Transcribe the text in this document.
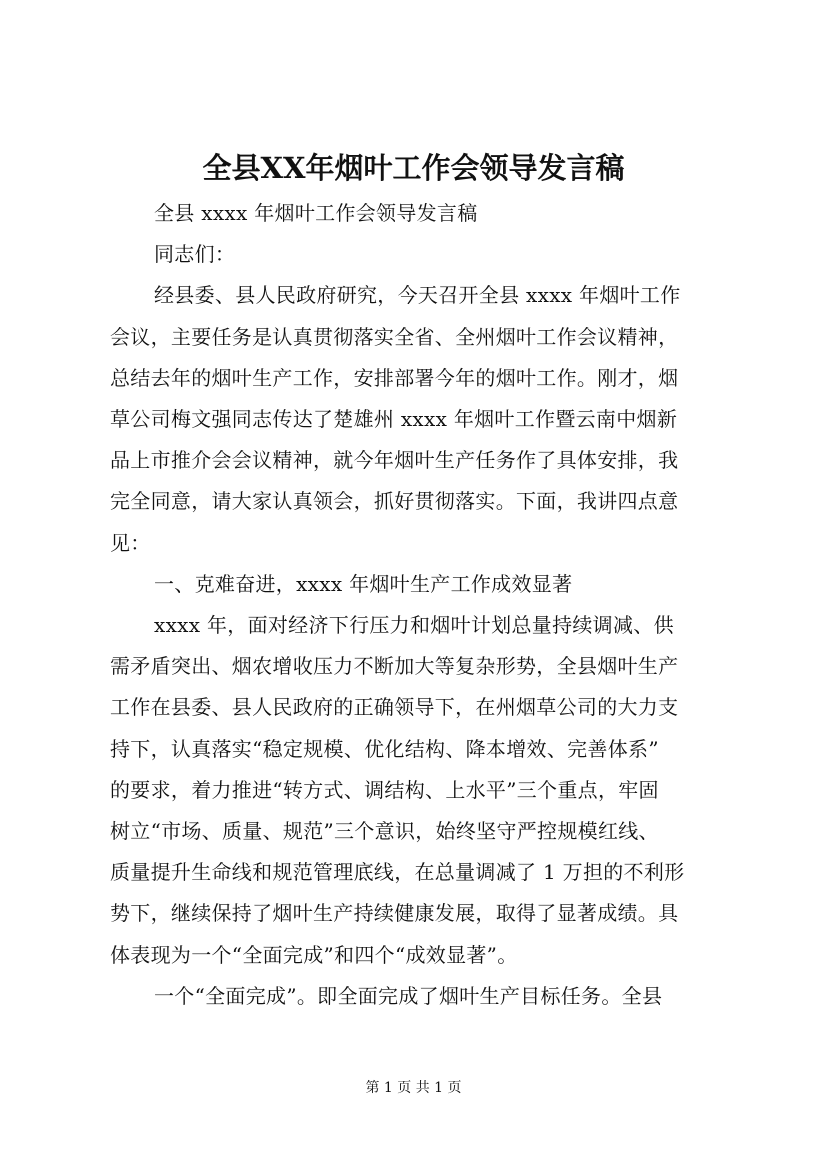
全县XX年烟叶工作会领导发言稿

全县 xxxx 年烟叶工作会领导发言稿

同志们：

经县委、县人民政府研究，今天召开全县 xxxx 年烟叶工作

会议，主要任务是认真贯彻落实全省、全州烟叶工作会议精神，

总结去年的烟叶生产工作，安排部署今年的烟叶工作。刚才，烟

草公司梅文强同志传达了楚雄州 xxxx 年烟叶工作暨云南中烟新

品上市推介会会议精神，就今年烟叶生产任务作了具体安排，我

完全同意，请大家认真领会，抓好贯彻落实。下面，我讲四点意

见：

一、克难奋进，xxxx 年烟叶生产工作成效显著

xxxx 年，面对经济下行压力和烟叶计划总量持续调减、供

需矛盾突出、烟农增收压力不断加大等复杂形势，全县烟叶生产

工作在县委、县人民政府的正确领导下，在州烟草公司的大力支

持下，认真落实“稳定规模、优化结构、降本增效、完善体系”

的要求，着力推进“转方式、调结构、上水平”三个重点，牢固

树立“市场、质量、规范”三个意识，始终坚守严控规模红线、

质量提升生命线和规范管理底线，在总量调减了 1 万担的不利形

势下，继续保持了烟叶生产持续健康发展，取得了显著成绩。具

体表现为一个“全面完成”和四个“成效显著”。

一个“全面完成”。即全面完成了烟叶生产目标任务。全县

第 1 页 共 1 页
